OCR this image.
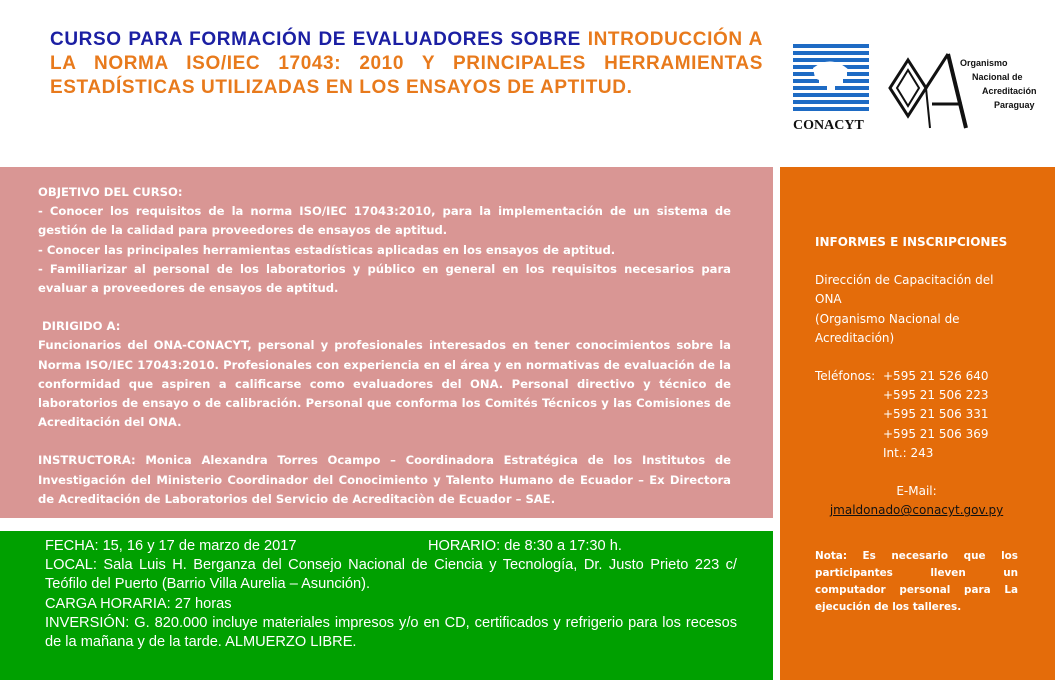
CURSO PARA FORMACIÓN DE EVALUADORES SOBRE INTRODUCCIÓN A LA NORMA ISO/IEC 17043: 2010 Y PRINCIPALES HERRAMIENTAS ESTADÍSTICAS UTILIZADAS EN LOS ENSAYOS DE APTITUD.

CONACYT
Organismo
Nacional de
Acreditación
Paraguay

OBJETIVO DEL CURSO:

- Conocer los requisitos de la norma ISO/IEC 17043:2010, para la implementación de un sistema de gestión de la calidad para proveedores de ensayos de aptitud.

- Conocer las principales herramientas estadísticas aplicadas en los ensayos de aptitud.

- Familiarizar al personal de los laboratorios y público en general en los requisitos necesarios para evaluar a proveedores de ensayos de aptitud.

DIRIGIDO A:

Funcionarios del ONA-CONACYT, personal y profesionales interesados en tener conocimientos sobre la Norma ISO/IEC 17043:2010. Profesionales con experiencia en el área y en normativas de evaluación de la conformidad que aspiren a calificarse como evaluadores del ONA. Personal directivo y técnico de laboratorios de ensayo o de calibración. Personal que conforma los Comités Técnicos y las Comisiones de Acreditación del ONA.

INSTRUCTORA: Monica Alexandra Torres Ocampo – Coordinadora Estratégica de los Institutos de Investigación del Ministerio Coordinador del Conocimiento y Talento Humano de Ecuador – Ex Directora de Acreditación de Laboratorios del Servicio de Acreditaciòn de Ecuador – SAE.

FECHA: 15, 16 y 17 de marzo de 2017	HORARIO: de 8:30 a 17:30 h.

LOCAL: Sala Luis H. Berganza del Consejo Nacional de Ciencia y Tecnología, Dr. Justo Prieto 223 c/ Teófilo del Puerto (Barrio Villa Aurelia – Asunción).

CARGA HORARIA: 27 horas

INVERSIÓN: G. 820.000 incluye materiales impresos y/o en CD, certificados y refrigerio para los recesos de la mañana y de la tarde. ALMUERZO LIBRE.

INFORMES E INSCRIPCIONES

Dirección de Capacitación del

ONA

(Organismo Nacional de

Acreditación)

Teléfonos: +595 21 526 640
+595 21 506 223
+595 21 506 331
+595 21 506 369
Int.: 243

E-Mail:

jmaldonado@conacyt.gov.py

Nota: Es necesario que los participantes lleven un computador personal para La ejecución de los talleres.
